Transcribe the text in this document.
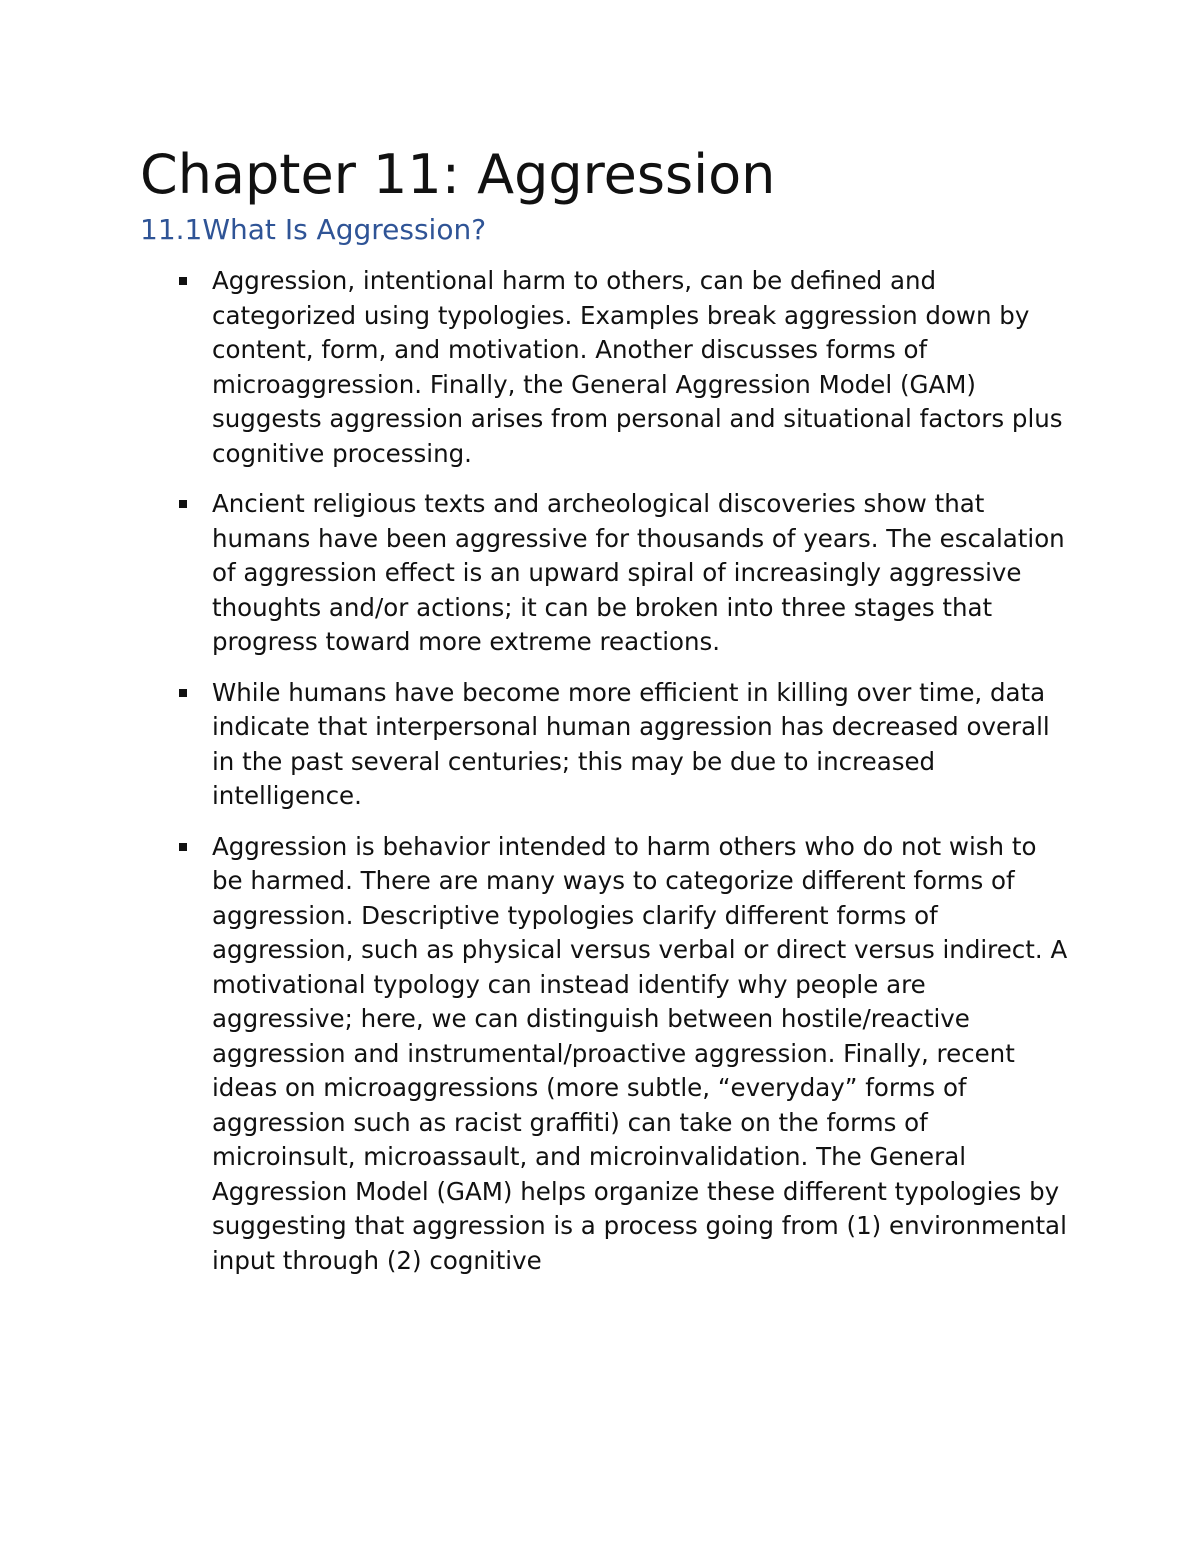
Chapter 11: Aggression
11.1What Is Aggression?
Aggression, intentional harm to others, can be defined and categorized using typologies. Examples break aggression down by content, form, and motivation. Another discusses forms of microaggression. Finally, the General Aggression Model (GAM) suggests aggression arises from personal and situational factors plus cognitive processing.
Ancient religious texts and archeological discoveries show that humans have been aggressive for thousands of years. The escalation of aggression effect is an upward spiral of increasingly aggressive thoughts and/or actions; it can be broken into three stages that progress toward more extreme reactions.
While humans have become more efficient in killing over time, data indicate that interpersonal human aggression has decreased overall in the past several centuries; this may be due to increased intelligence.
Aggression is behavior intended to harm others who do not wish to be harmed. There are many ways to categorize different forms of aggression. Descriptive typologies clarify different forms of aggression, such as physical versus verbal or direct versus indirect. A motivational typology can instead identify why people are aggressive; here, we can distinguish between hostile/reactive aggression and instrumental/proactive aggression. Finally, recent ideas on microaggressions (more subtle, “everyday” forms of aggression such as racist graffiti) can take on the forms of microinsult, microassault, and microinvalidation. The General Aggression Model (GAM) helps organize these different typologies by suggesting that aggression is a process going from (1) environmental input through (2) cognitive
